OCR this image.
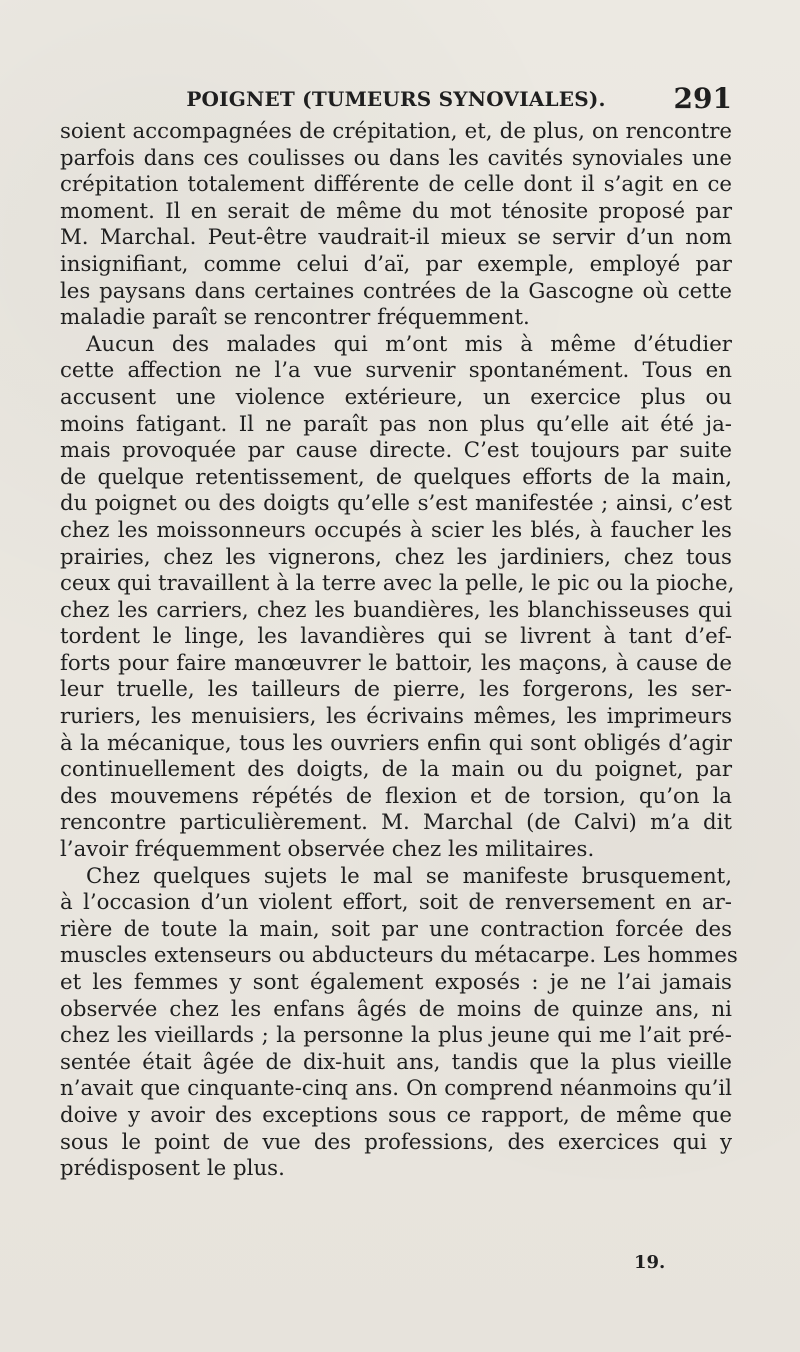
POIGNET (TUMEURS SYNOVIALES).	291
soient accompagnées de crépitation, et, de plus, on rencontre
parfois dans ces coulisses ou dans les cavités synoviales une
crépitation totalement différente de celle dont il s’agit en ce
moment. Il en serait de même du mot ténosite proposé par
M. Marchal. Peut-être vaudrait-il mieux se servir d’un nom
insignifiant, comme celui d’aï, par exemple, employé par
les paysans dans certaines contrées de la Gascogne où cette
maladie paraît se rencontrer fréquemment.
Aucun des malades qui m’ont mis à même d’étudier
cette affection ne l’a vue survenir spontanément. Tous en
accusent une violence extérieure, un exercice plus ou
moins fatigant. Il ne paraît pas non plus qu’elle ait été ja-
mais provoquée par cause directe. C’est toujours par suite
de quelque retentissement, de quelques efforts de la main,
du poignet ou des doigts qu’elle s’est manifestée ; ainsi, c’est
chez les moissonneurs occupés à scier les blés, à faucher les
prairies, chez les vignerons, chez les jardiniers, chez tous
ceux qui travaillent à la terre avec la pelle, le pic ou la pioche,
chez les carriers, chez les buandières, les blanchisseuses qui
tordent le linge, les lavandières qui se livrent à tant d’ef-
forts pour faire manœuvrer le battoir, les maçons, à cause de
leur truelle, les tailleurs de pierre, les forgerons, les ser-
ruriers, les menuisiers, les écrivains mêmes, les imprimeurs
à la mécanique, tous les ouvriers enfin qui sont obligés d’agir
continuellement des doigts, de la main ou du poignet, par
des mouvemens répétés de flexion et de torsion, qu’on la
rencontre particulièrement. M. Marchal (de Calvi) m’a dit
l’avoir fréquemment observée chez les militaires.
Chez quelques sujets le mal se manifeste brusquement,
à l’occasion d’un violent effort, soit de renversement en ar-
rière de toute la main, soit par une contraction forcée des
muscles extenseurs ou abducteurs du métacarpe. Les hommes
et les femmes y sont également exposés : je ne l’ai jamais
observée chez les enfans âgés de moins de quinze ans, ni
chez les vieillards ; la personne la plus jeune qui me l’ait pré-
sentée était âgée de dix-huit ans, tandis que la plus vieille
n’avait que cinquante-cinq ans. On comprend néanmoins qu’il
doive y avoir des exceptions sous ce rapport, de même que
sous le point de vue des professions, des exercices qui y
prédisposent le plus.
19.
